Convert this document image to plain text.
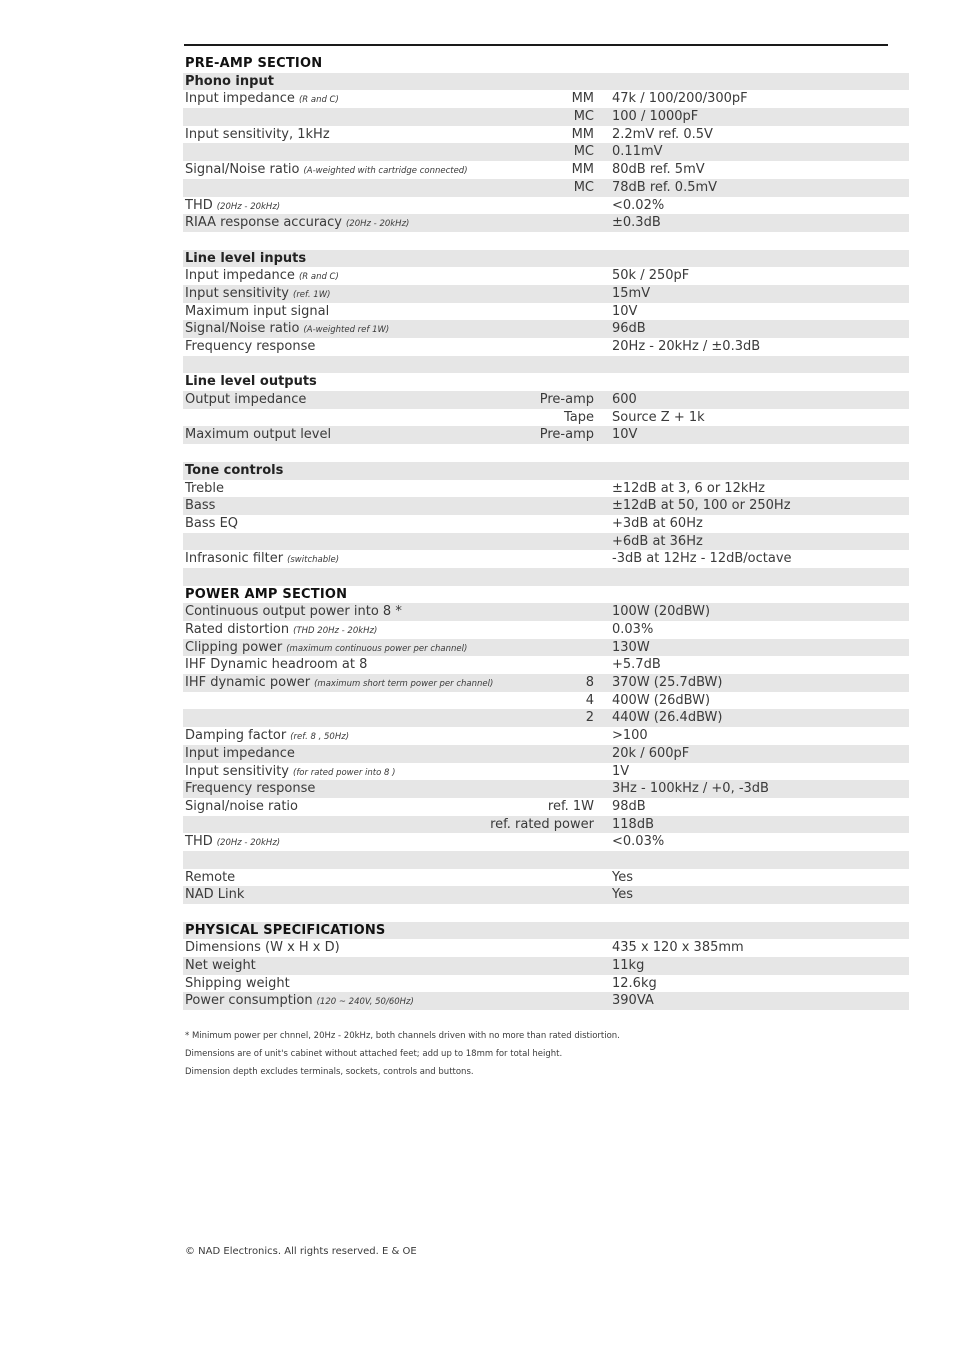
PRE-AMP SECTION
Phono input
Input impedance (R and C)	MM 47k / 100/200/300pF
MC 100 / 1000pF
Input sensitivity, 1kHz	MM 2.2mV ref. 0.5V
MC 0.11mV
Signal/Noise ratio (A-weighted with cartridge connected)	MM 80dB ref. 5mV
MC 78dB ref. 0.5mV
THD (20Hz - 20kHz)	<0.02%
RIAA response accuracy (20Hz - 20kHz)	±0.3dB
Line level inputs
Input impedance (R and C)	50k / 250pF
Input sensitivity (ref. 1W)	15mV
Maximum input signal	10V
Signal/Noise ratio (A-weighted ref 1W)	96dB
Frequency response	20Hz - 20kHz / ±0.3dB
Line level outputs
Output impedance	Pre-amp 600
Tape Source Z + 1k
Maximum output level	Pre-amp 10V
Tone controls
Treble	±12dB at 3, 6 or 12kHz
Bass	±12dB at 50, 100 or 250Hz
Bass EQ	+3dB at 60Hz
+6dB at 36Hz
Infrasonic filter (switchable)	-3dB at 12Hz - 12dB/octave
POWER AMP SECTION
Continuous output power into 8 *	100W (20dBW)
Rated distortion (THD 20Hz - 20kHz)	0.03%
Clipping power (maximum continuous power per channel)	130W
IHF Dynamic headroom at 8	+5.7dB
IHF dynamic power (maximum short term power per channel)	8 370W (25.7dBW)
4 400W (26dBW)
2 440W (26.4dBW)
Damping factor (ref. 8 , 50Hz)	>100
Input impedance	20k / 600pF
Input sensitivity (for rated power into 8 )	1V
Frequency response	3Hz - 100kHz / +0, -3dB
Signal/noise ratio	ref. 1W 98dB
ref. rated power 118dB
THD (20Hz - 20kHz)	<0.03%
Remote	Yes
NAD Link	Yes
PHYSICAL SPECIFICATIONS
Dimensions (W x H x D)	435 x 120 x 385mm
Net weight	11kg
Shipping weight	12.6kg
Power consumption (120 ~ 240V, 50/60Hz)	390VA
* Minimum power per chnnel, 20Hz - 20kHz, both channels driven with no more than rated distiortion.
Dimensions are of unit's cabinet without attached feet; add up to 18mm for total height.
Dimension depth excludes terminals, sockets, controls and buttons.
© NAD Electronics. All rights reserved. E & OE
